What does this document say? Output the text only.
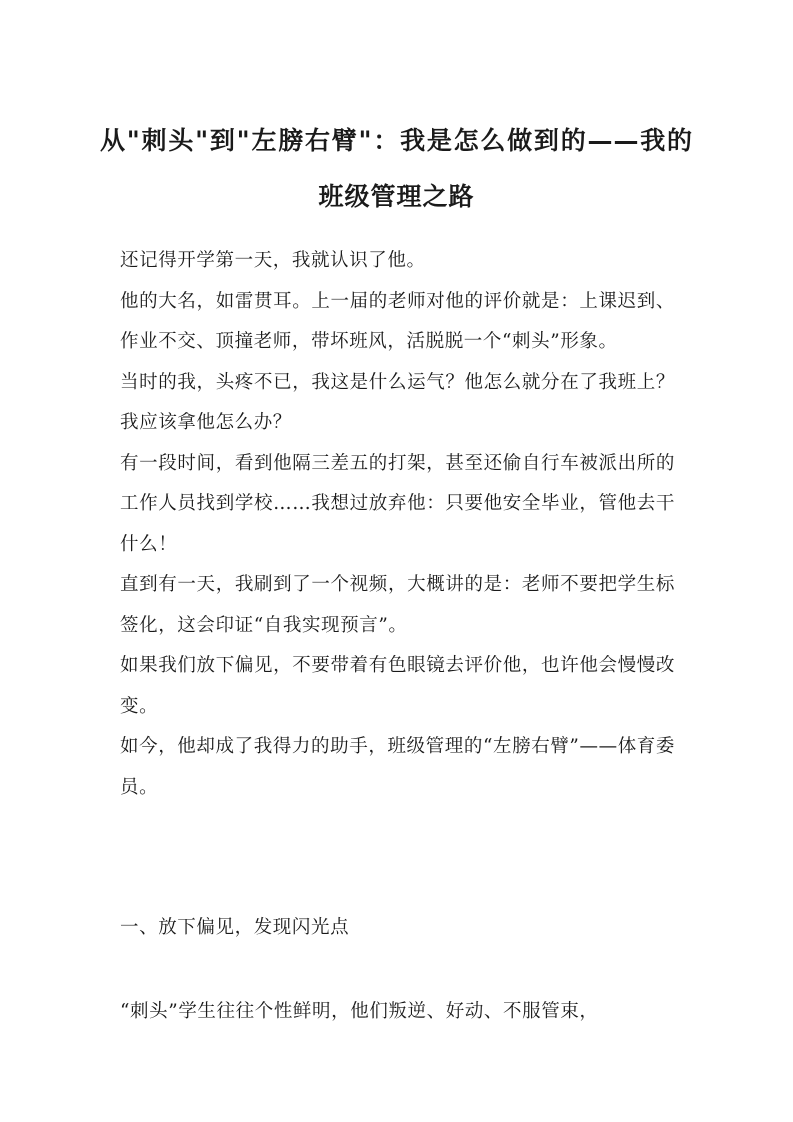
从"刺头"到"左膀右臂"：我是怎么做到的——我的班级管理之路

还记得开学第一天，我就认识了他。

他的大名，如雷贯耳。上一届的老师对他的评价就是：上课迟到、作业不交、顶撞老师，带坏班风，活脱脱一个“刺头”形象。

当时的我，头疼不已，我这是什么运气？他怎么就分在了我班上？我应该拿他怎么办？

有一段时间，看到他隔三差五的打架，甚至还偷自行车被派出所的工作人员找到学校……我想过放弃他：只要他安全毕业，管他去干什么！

直到有一天，我刷到了一个视频，大概讲的是：老师不要把学生标签化，这会印证“自我实现预言”。

如果我们放下偏见，不要带着有色眼镜去评价他，也许他会慢慢改变。

如今，他却成了我得力的助手，班级管理的“左膀右臂”——体育委员。

一、放下偏见，发现闪光点

“刺头”学生往往个性鲜明，他们叛逆、好动、不服管束，
